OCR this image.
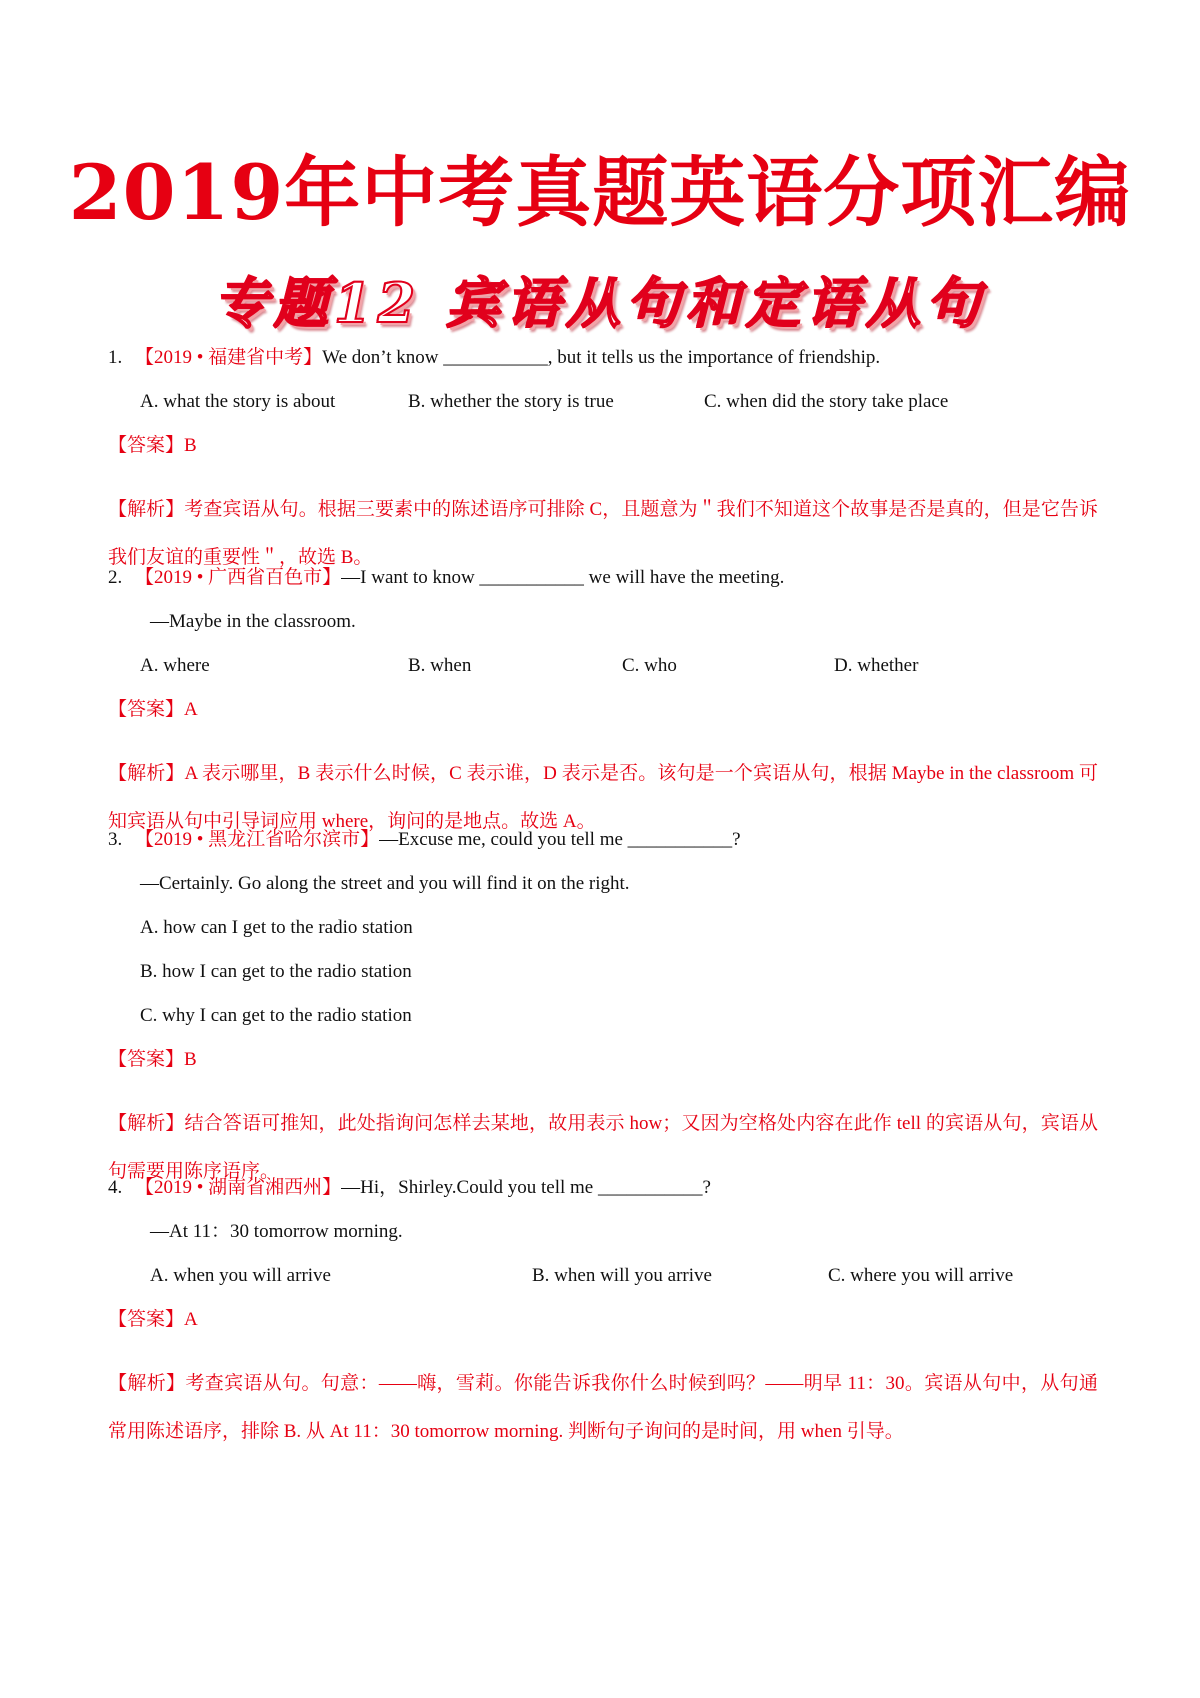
2019年中考真题英语分项汇编
专题12 宾语从句和定语从句
1. 【2019 • 福建省中考】We don’t know ___________, but it tells us the importance of friendship.
A. what the story is about	B. whether the story is true	C. when did the story take place
【答案】B
【解析】考查宾语从句。根据三要素中的陈述语序可排除 C，且题意为＂我们不知道这个故事是否是真的，但是它告诉我们友谊的重要性＂，故选 B。
2. 【2019 • 广西省百色市】—I want to know ___________ we will have the meeting.
—Maybe in the classroom.
A. where	B. when	C. who	D. whether
【答案】A
【解析】A 表示哪里，B 表示什么时候，C 表示谁，D 表示是否。该句是一个宾语从句，根据 Maybe in the classroom 可知宾语从句中引导词应用 where，询问的是地点。故选 A。
3. 【2019 • 黑龙江省哈尔滨市】—Excuse me, could you tell me ___________?
—Certainly. Go along the street and you will find it on the right.
A. how can I get to the radio station
B. how I can get to the radio station
C. why I can get to the radio station
【答案】B
【解析】结合答语可推知，此处指询问怎样去某地，故用表示 how；又因为空格处内容在此作 tell 的宾语从句，宾语从句需要用陈序语序。
4. 【2019 • 湖南省湘西州】—Hi，Shirley.Could you tell me ___________?
—At 11：30 tomorrow morning.
A. when you will arrive	B. when will you arrive	C. where you will arrive
【答案】A
【解析】考查宾语从句。句意：——嗨，雪莉。你能告诉我你什么时候到吗？——明早 11：30。宾语从句中，从句通常用陈述语序，排除 B. 从 At 11：30 tomorrow morning. 判断句子询问的是时间，用 when 引导。
